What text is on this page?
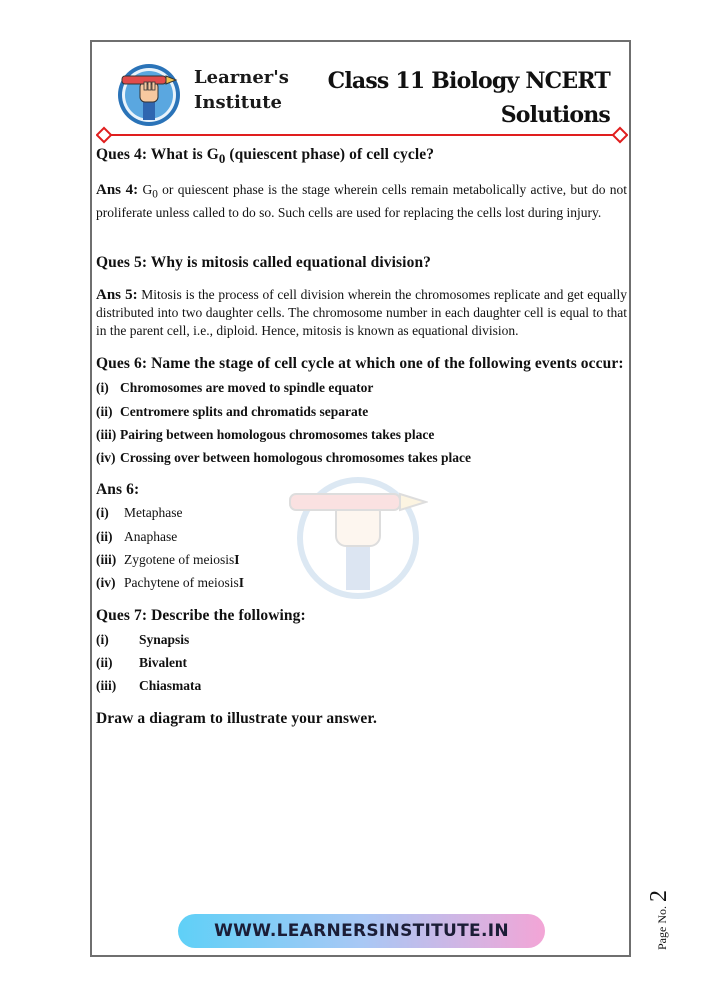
Learner's
Institute
Class 11 Biology NCERT
Solutions

Ques 4: What is $G_0$ (quiescent phase) of cell cycle?

Ans 4: $G_0$ or quiescent phase is the stage wherein cells remain metabolically active, but do not proliferate unless called to do so. Such cells are used for replacing the cells lost during injury.

Ques 5: Why is mitosis called equational division?

Ans 5: Mitosis is the process of cell division wherein the chromosomes replicate and get equally distributed into two daughter cells. The chromosome number in each daughter cell is equal to that in the parent cell, i.e., diploid. Hence, mitosis is known as equational division.

Ques 6: Name the stage of cell cycle at which one of the following events occur:

(i) Chromosomes are moved to spindle equator
(ii) Centromere splits and chromatids separate
(iii) Pairing between homologous chromosomes takes place
(iv) Crossing over between homologous chromosomes takes place

Ans 6:

(i)	Metaphase
(ii) Anaphase
(iii) Zygotene of meiosis I
(iv) Pachytene of meiosis I

Ques 7: Describe the following:

(i)	Synapsis
(ii)	Bivalent
(iii)	Chiasmata

Draw a diagram to illustrate your answer.

WWW.LEARNERSINSTITUTE.IN	Page No.2
